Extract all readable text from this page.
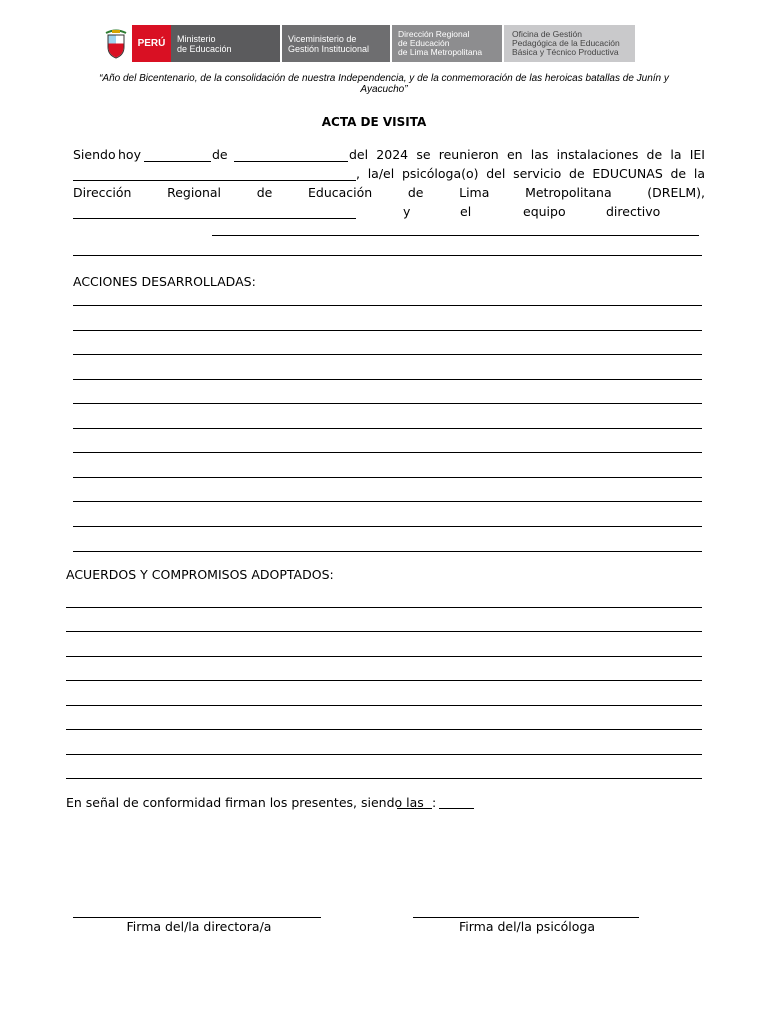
PERÚ Ministerio
de Educación
Viceministerio de
Gestión Institucional
Dirección Regional
de Educación
de Lima Metropolitana
Oficina de Gestión
Pedagógica de la Educación
Básica y Técnico Productiva
“Año del Bicentenario, de la consolidación de nuestra Independencia, y de la conmemoración de las heroicas batallas de Junín y Ayacucho”
ACTA DE VISITA
Siendo hoy	de	del 2024 se reunieron en las instalaciones de la IEI
, la/el psicóloga(o) del servicio de EDUCUNAS de la
Dirección	Regional	de	Educación	de	Lima	Metropolitana	(DRELM),
y	el	equipo	directivo
ACCIONES DESARROLLADAS:
ACUERDOS Y COMPROMISOS ADOPTADOS:
En señal de conformidad firman los presentes, siendo las :
Firma del/la directora/a	Firma del/la psicóloga
